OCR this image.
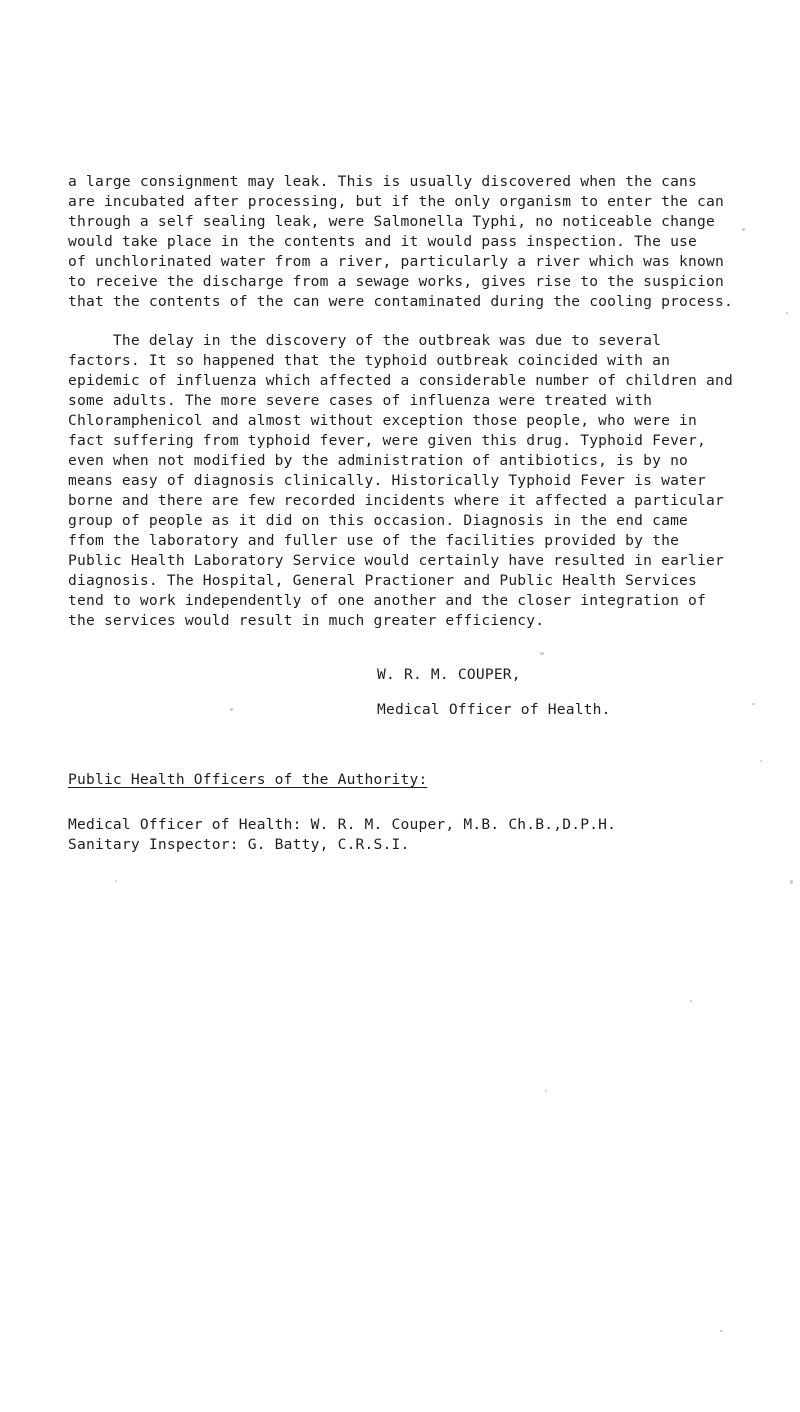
a large consignment may leak. This is usually discovered when the cans
are incubated after processing, but if the only organism to enter the can
through a self sealing leak, were Salmonella Typhi, no noticeable change
would take place in the contents and it would pass inspection. The use
of unchlorinated water from a river, particularly a river which was known
to receive the discharge from a sewage works, gives rise to the suspicion
that the contents of the can were contaminated during the cooling process.
The delay in the discovery of the outbreak was due to several
factors. It so happened that the typhoid outbreak coincided with an
epidemic of influenza which affected a considerable number of children and
some adults. The more severe cases of influenza were treated with
Chloramphenicol and almost without exception those people, who were in
fact suffering from typhoid fever, were given this drug. Typhoid Fever,
even when not modified by the administration of antibiotics, is by no
means easy of diagnosis clinically. Historically Typhoid Fever is water
borne and there are few recorded incidents where it affected a particular
group of people as it did on this occasion. Diagnosis in the end came
ffom the laboratory and fuller use of the facilities provided by the
Public Health Laboratory Service would certainly have resulted in earlier
diagnosis. The Hospital, General Practioner and Public Health Services
tend to work independently of one another and the closer integration of
the services would result in much greater efficiency.
W. R. M. COUPER,
Medical Officer of Health.
Public Health Officers of the Authority:
Medical Officer of Health: W. R. M. Couper, M.B. Ch.B.,D.P.H.
Sanitary Inspector: G. Batty, C.R.S.I.
